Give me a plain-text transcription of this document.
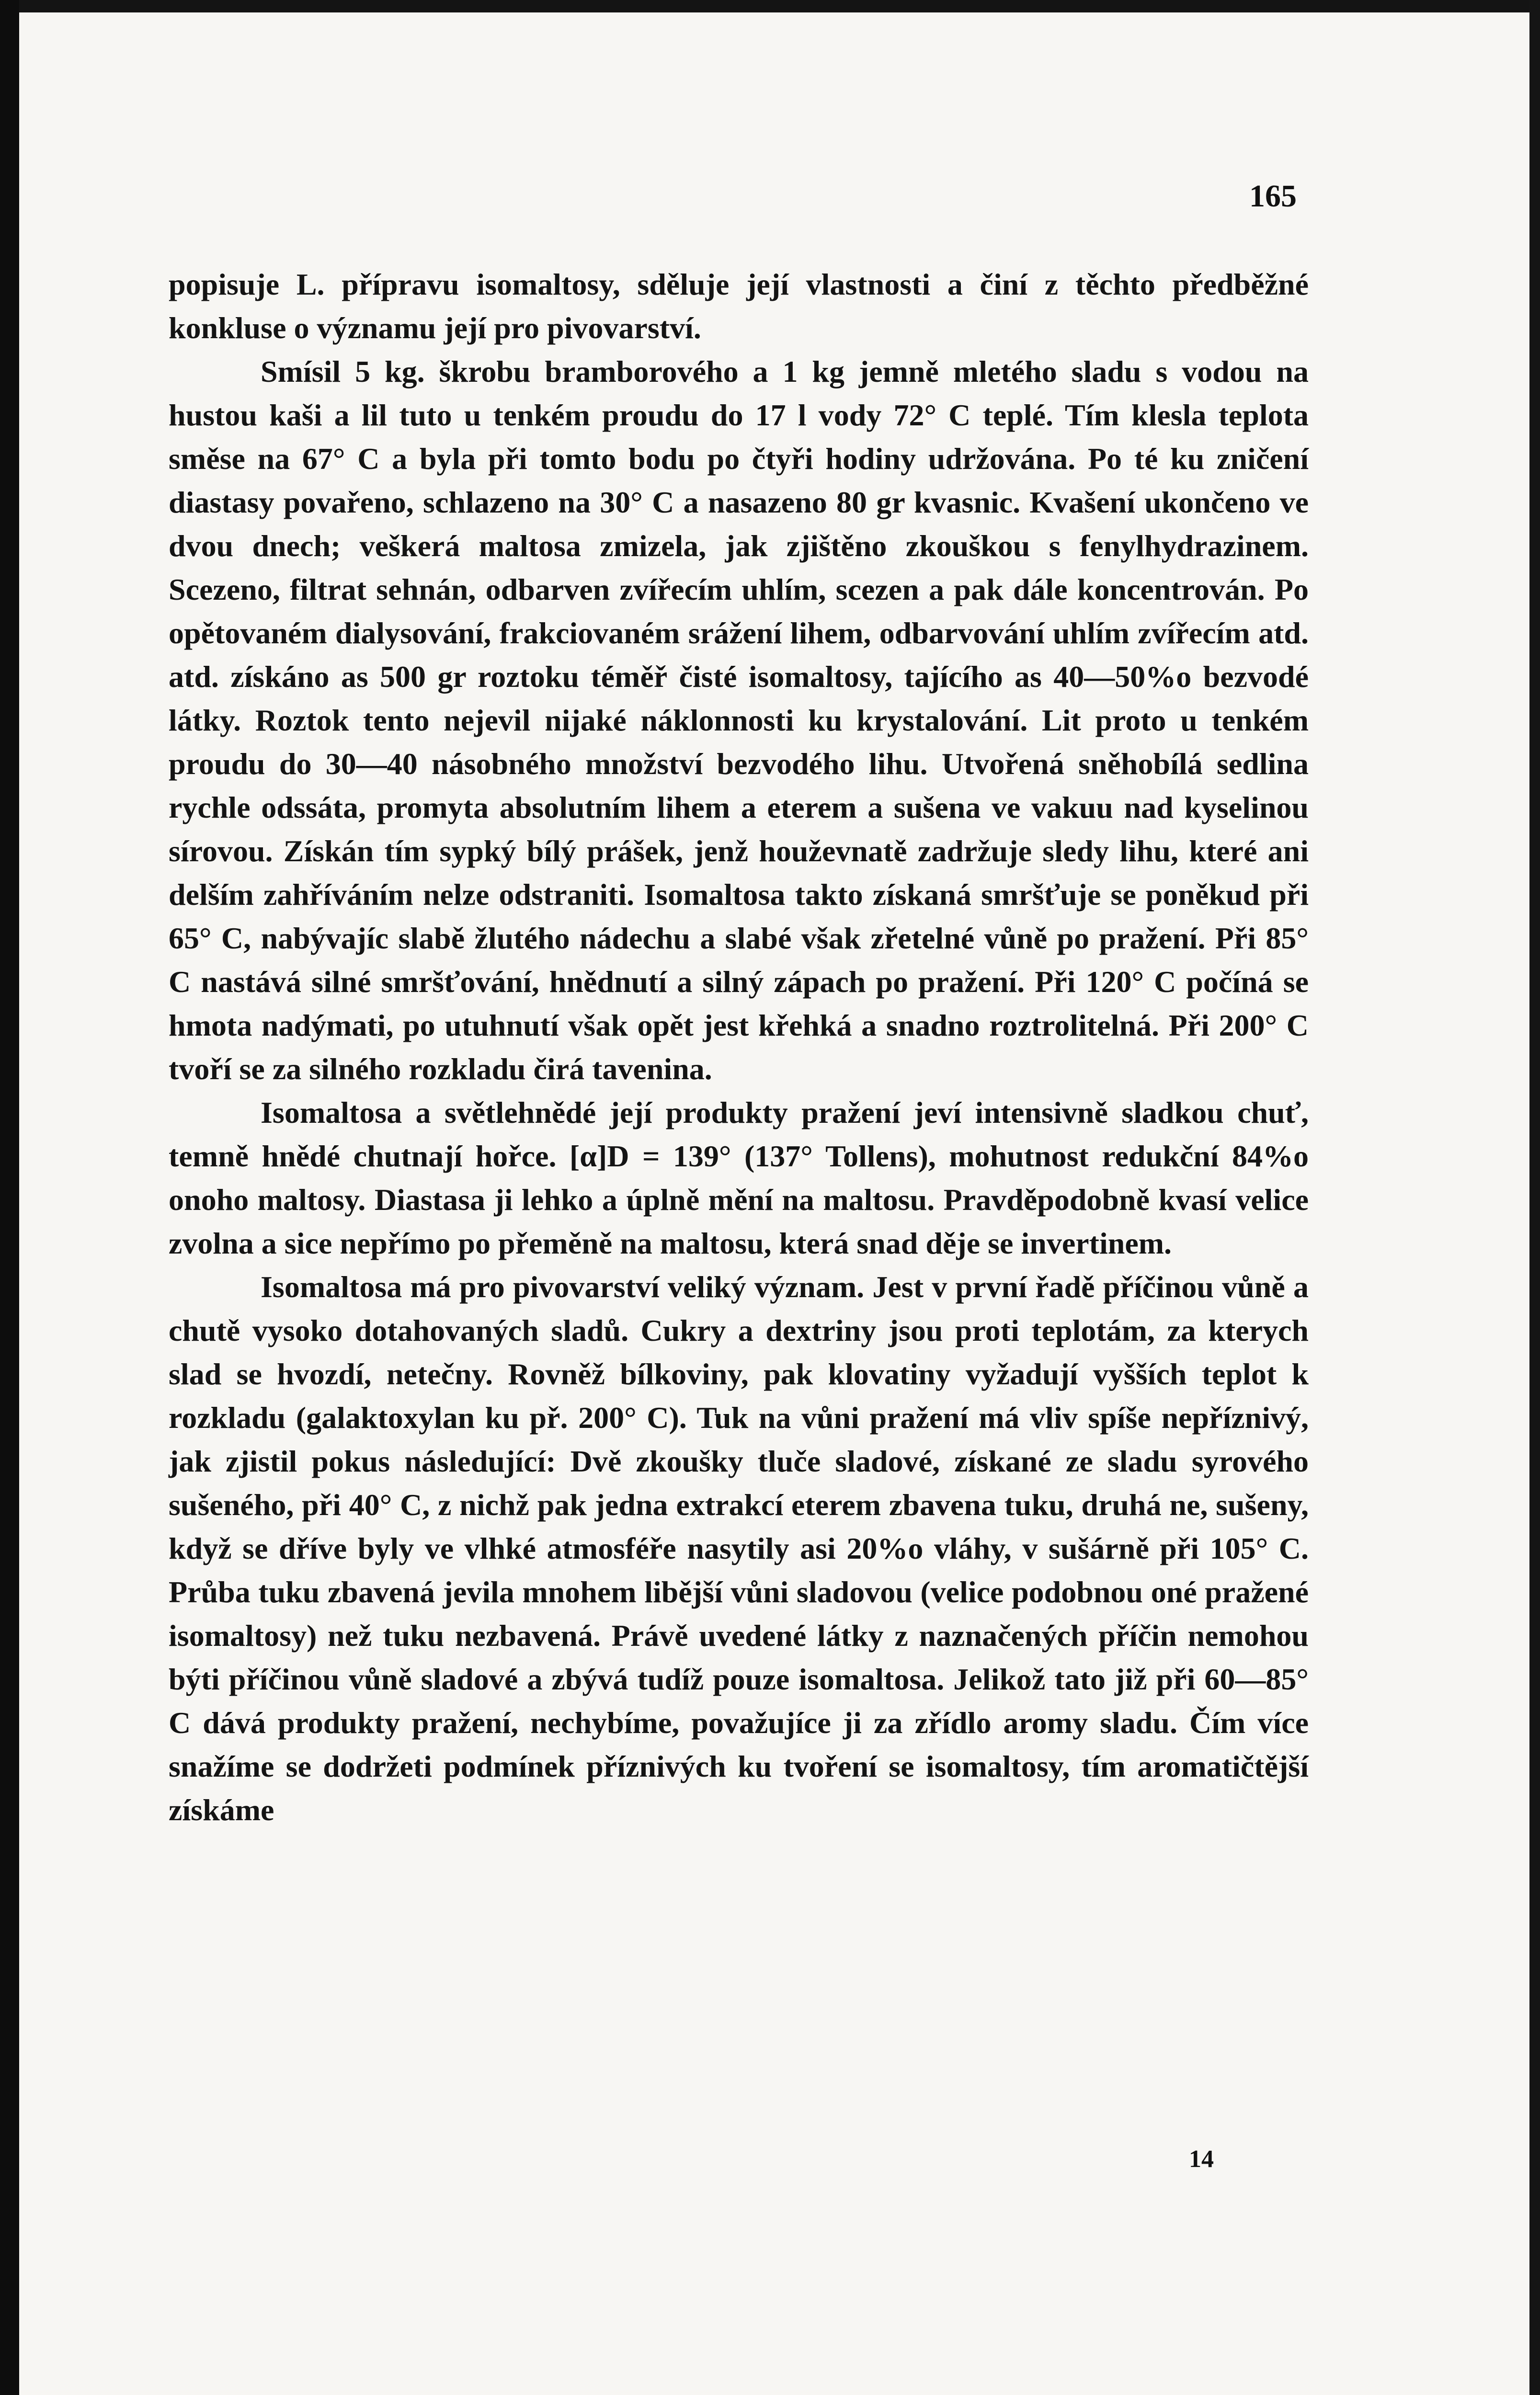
165

popisuje L. přípravu isomaltosy, sděluje její vlastnosti a činí z těchto předběžné konkluse o významu její pro pivovarství.

Smísil 5 kg. škrobu bramborového a 1 kg jemně mletého sladu s vodou na hustou kaši a lil tuto u tenkém proudu do 17 l vody 72° C teplé. Tím klesla teplota směse na 67° C a byla při tomto bodu po čtyři hodiny udržována. Po té ku zničení diastasy povařeno, schlazeno na 30° C a nasazeno 80 gr kvasnic. Kvašení ukončeno ve dvou dnech; veškerá maltosa zmizela, jak zjištěno zkouškou s fenylhydrazinem. Scezeno, filtrat sehnán, odbarven zvířecím uhlím, scezen a pak dále koncentrován. Po opětovaném dialysování, frakciovaném srážení lihem, odbarvování uhlím zvířecím atd. atd. získáno as 500 gr roztoku téměř čisté isomaltosy, tajícího as 40—50%o bezvodé látky. Roztok tento nejevil nijaké náklonnosti ku krystalování. Lit proto u tenkém proudu do 30—40 násobného množství bezvodého lihu. Utvořená sněhobílá sedlina rychle odssáta, promyta absolutním lihem a eterem a sušena ve vakuu nad kyselinou sírovou. Získán tím sypký bílý prášek, jenž houževnatě zadržuje sledy lihu, které ani delším zahříváním nelze odstraniti. Isomaltosa takto získaná smršťuje se poněkud při 65° C, nabývajíc slabě žlutého nádechu a slabé však zřetelné vůně po pražení. Při 85° C nastává silné smršťování, hnědnutí a silný zápach po pražení. Při 120° C počíná se hmota nadýmati, po utuhnutí však opět jest křehká a snadno roztrolitelná. Při 200° C tvoří se za silného rozkladu čirá tavenina.

Isomaltosa a světlehnědé její produkty pražení jeví intensivně sladkou chuť, temně hnědé chutnají hořce. [α]D = 139° (137° Tollens), mohutnost redukční 84%o onoho maltosy. Diastasa ji lehko a úplně mění na maltosu. Pravděpodobně kvasí velice zvolna a sice nepřímo po přeměně na maltosu, která snad děje se invertinem.

Isomaltosa má pro pivovarství veliký význam. Jest v první řadě příčinou vůně a chutě vysoko dotahovaných sladů. Cukry a dextriny jsou proti teplotám, za kterych slad se hvozdí, netečny. Rovněž bílkoviny, pak klovatiny vyžadují vyšších teplot k rozkladu (galaktoxylan ku př. 200° C). Tuk na vůni pražení má vliv spíše nepříznivý, jak zjistil pokus následující: Dvě zkoušky tluče sladové, získané ze sladu syrového sušeného, při 40° C, z nichž pak jedna extrakcí eterem zbavena tuku, druhá ne, sušeny, když se dříve byly ve vlhké atmosféře nasytily asi 20%o vláhy, v sušárně při 105° C. Průba tuku zbavená jevila mnohem libější vůni sladovou (velice podobnou oné pražené isomaltosy) než tuku nezbavená. Právě uvedené látky z naznačených příčin nemohou býti příčinou vůně sladové a zbývá tudíž pouze isomaltosa. Jelikož tato již při 60—85° C dává produkty pražení, nechybíme, považujíce ji za zřídlo aromy sladu. Čím více snažíme se dodržeti podmínek příznivých ku tvoření se isomaltosy, tím aromatičtější získáme

14
